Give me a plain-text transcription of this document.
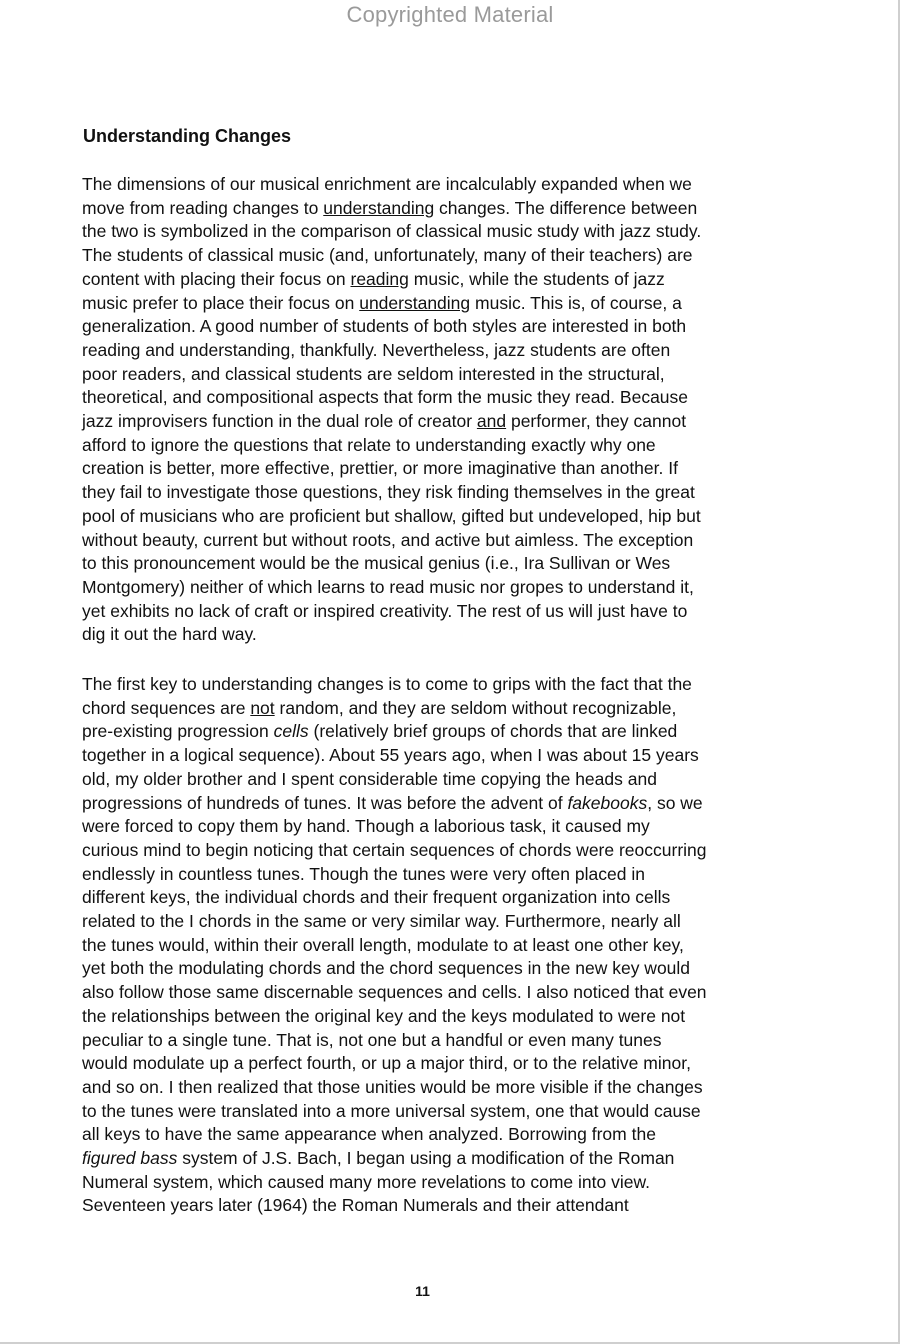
Copyrighted Material
Understanding Changes
The dimensions of our musical enrichment are incalculably expanded when we
move from reading changes to understanding changes. The difference between
the two is symbolized in the comparison of classical music study with jazz study.
The students of classical music (and, unfortunately, many of their teachers) are
content with placing their focus on reading music, while the students of jazz
music prefer to place their focus on understanding music. This is, of course, a
generalization. A good number of students of both styles are interested in both
reading and understanding, thankfully. Nevertheless, jazz students are often
poor readers, and classical students are seldom interested in the structural,
theoretical, and compositional aspects that form the music they read. Because
jazz improvisers function in the dual role of creator and performer, they cannot
afford to ignore the questions that relate to understanding exactly why one
creation is better, more effective, prettier, or more imaginative than another. If
they fail to investigate those questions, they risk finding themselves in the great
pool of musicians who are proficient but shallow, gifted but undeveloped, hip but
without beauty, current but without roots, and active but aimless. The exception
to this pronouncement would be the musical genius (i.e., Ira Sullivan or Wes
Montgomery) neither of which learns to read music nor gropes to understand it,
yet exhibits no lack of craft or inspired creativity. The rest of us will just have to
dig it out the hard way.
The first key to understanding changes is to come to grips with the fact that the
chord sequences are not random, and they are seldom without recognizable,
pre-existing progression cells (relatively brief groups of chords that are linked
together in a logical sequence). About 55 years ago, when I was about 15 years
old, my older brother and I spent considerable time copying the heads and
progressions of hundreds of tunes. It was before the advent of fakebooks, so we
were forced to copy them by hand. Though a laborious task, it caused my
curious mind to begin noticing that certain sequences of chords were reoccurring
endlessly in countless tunes. Though the tunes were very often placed in
different keys, the individual chords and their frequent organization into cells
related to the I chords in the same or very similar way. Furthermore, nearly all
the tunes would, within their overall length, modulate to at least one other key,
yet both the modulating chords and the chord sequences in the new key would
also follow those same discernable sequences and cells. I also noticed that even
the relationships between the original key and the keys modulated to were not
peculiar to a single tune. That is, not one but a handful or even many tunes
would modulate up a perfect fourth, or up a major third, or to the relative minor,
and so on. I then realized that those unities would be more visible if the changes
to the tunes were translated into a more universal system, one that would cause
all keys to have the same appearance when analyzed. Borrowing from the
figured bass system of J.S. Bach, I began using a modification of the Roman
Numeral system, which caused many more revelations to come into view.
Seventeen years later (1964) the Roman Numerals and their attendant
11
